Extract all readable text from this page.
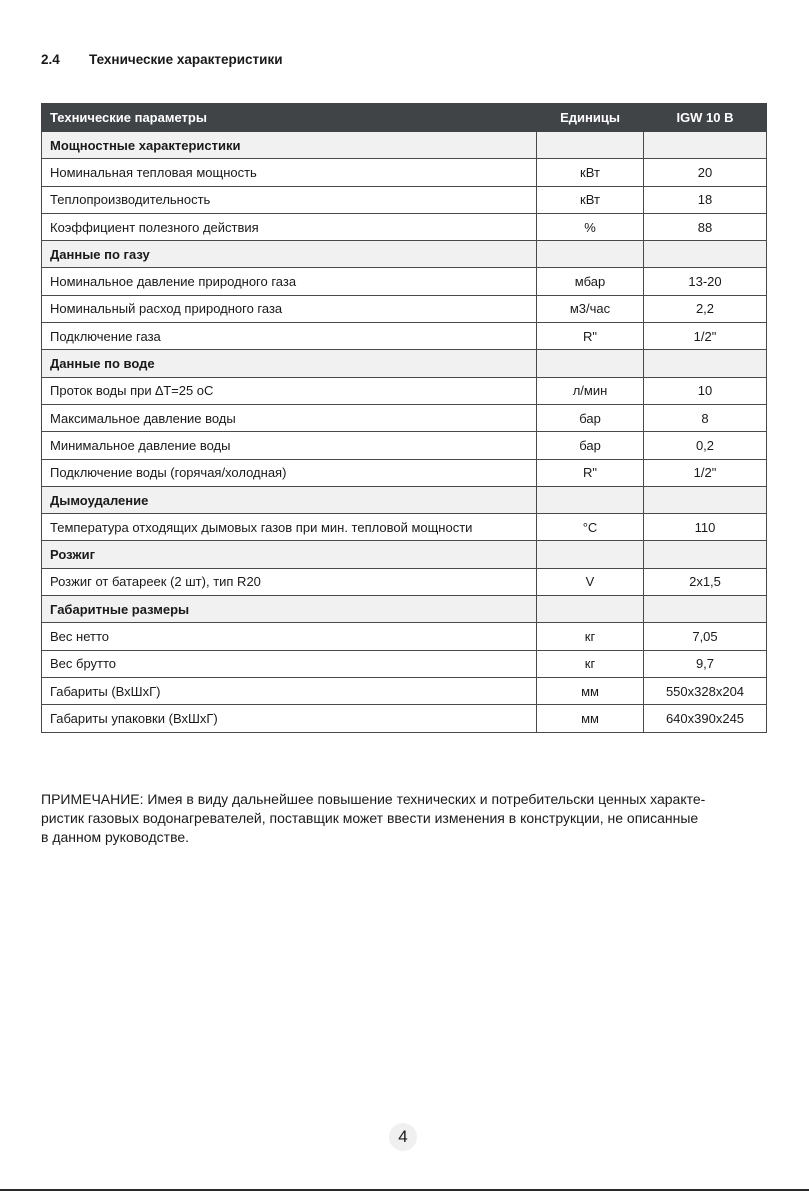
2.4 Технические характеристики
Технические параметры	Единицы	IGW 10 B
Мощностные характеристики		
Номинальная тепловая мощность	кВт	20
Теплопроизводительность	кВт	18
Коэффициент полезного действия	%	88
Данные по газу		
Номинальное давление природного газа	мбар	13-20
Номинальный расход природного газа	м3/час	2,2
Подключение газа	R"	1/2"
Данные по воде		
Проток воды при ∆T=25 оС	л/мин	10
Максимальное давление воды	бар	8
Минимальное давление воды	бар	0,2
Подключение воды (горячая/холодная)	R"	1/2"
Дымоудаление		
Температура отходящих дымовых газов при мин. тепловой мощности	°С	110
Розжиг		
Розжиг от батареек (2 шт), тип R20	V	2x1,5
Габаритные размеры		
Вес нетто	кг	7,05
Вес брутто	кг	9,7
Габариты (ВхШхГ)	мм	550x328x204
Габариты упаковки (ВхШхГ)	мм	640x390x245
ПРИМЕЧАНИЕ: Имея в виду дальнейшее повышение технических и потребительски ценных характе-
ристик газовых водонагревателей, поставщик может ввести изменения в конструкции, не описанные
в данном руководстве.
4
